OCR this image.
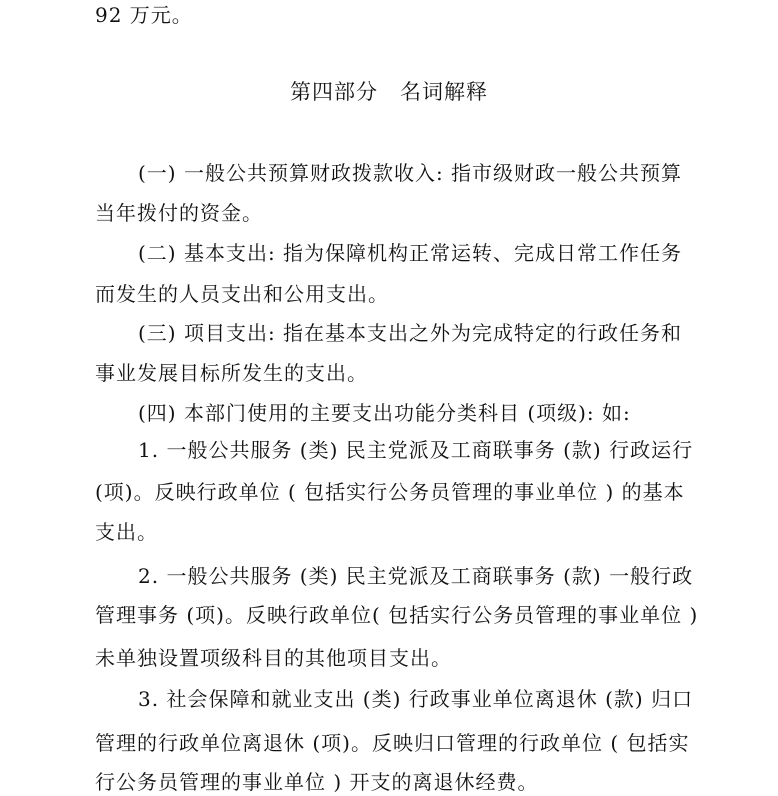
92 万元。
第四部分　名词解释
(一) 一般公共预算财政拨款收入: 指市级财政一般公共预算
当年拨付的资金。
(二) 基本支出: 指为保障机构正常运转、完成日常工作任务
而发生的人员支出和公用支出。
(三) 项目支出: 指在基本支出之外为完成特定的行政任务和
事业发展目标所发生的支出。
(四) 本部门使用的主要支出功能分类科目 (项级): 如:
1. 一般公共服务 (类) 民主党派及工商联事务 (款) 行政运行
(项)。反映行政单位 ( 包括实行公务员管理的事业单位 ) 的基本
支出。
2. 一般公共服务 (类) 民主党派及工商联事务 (款) 一般行政
管理事务 (项)。反映行政单位( 包括实行公务员管理的事业单位 )
未单独设置项级科目的其他项目支出。
3. 社会保障和就业支出 (类) 行政事业单位离退休 (款) 归口
管理的行政单位离退休 (项)。反映归口管理的行政单位 ( 包括实
行公务员管理的事业单位 ) 开支的离退休经费。
